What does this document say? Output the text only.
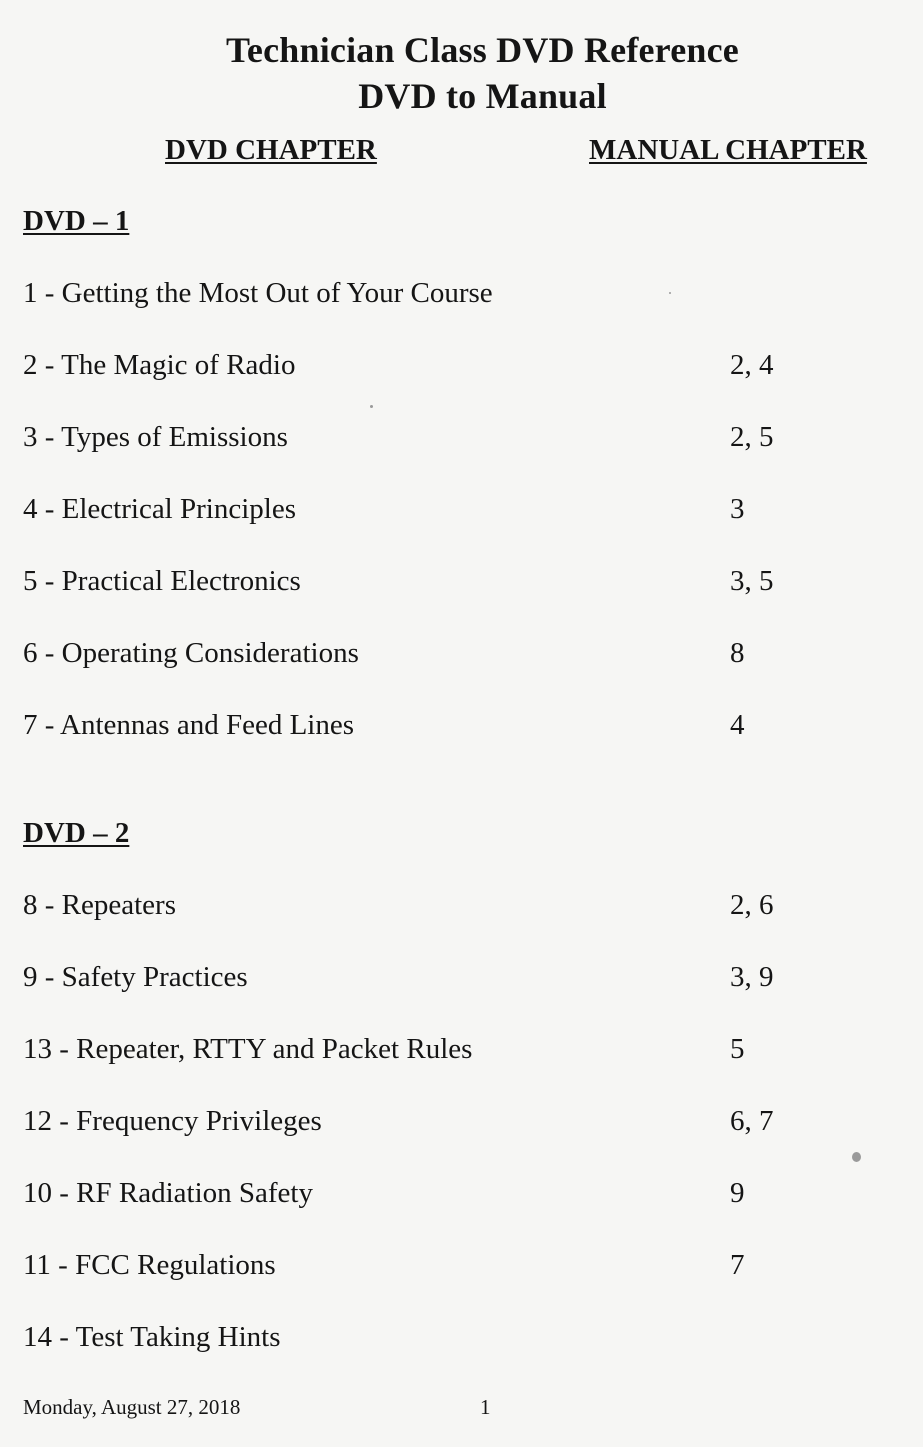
Technician Class DVD Reference
DVD to Manual
DVD CHAPTER	MANUAL CHAPTER
DVD – 1
1 - Getting the Most Out of Your Course
2 - The Magic of Radio	2, 4
3 - Types of Emissions	2, 5
4 - Electrical Principles	3
5 - Practical Electronics	3, 5
6 - Operating Considerations	8
7 - Antennas and Feed Lines	4
DVD – 2
8 - Repeaters	2, 6
9 - Safety Practices	3, 9
13 - Repeater, RTTY and Packet Rules	5
12 - Frequency Privileges	6, 7
10 - RF Radiation Safety	9
11 - FCC Regulations	7
14 - Test Taking Hints
Monday, August 27, 2018	1
